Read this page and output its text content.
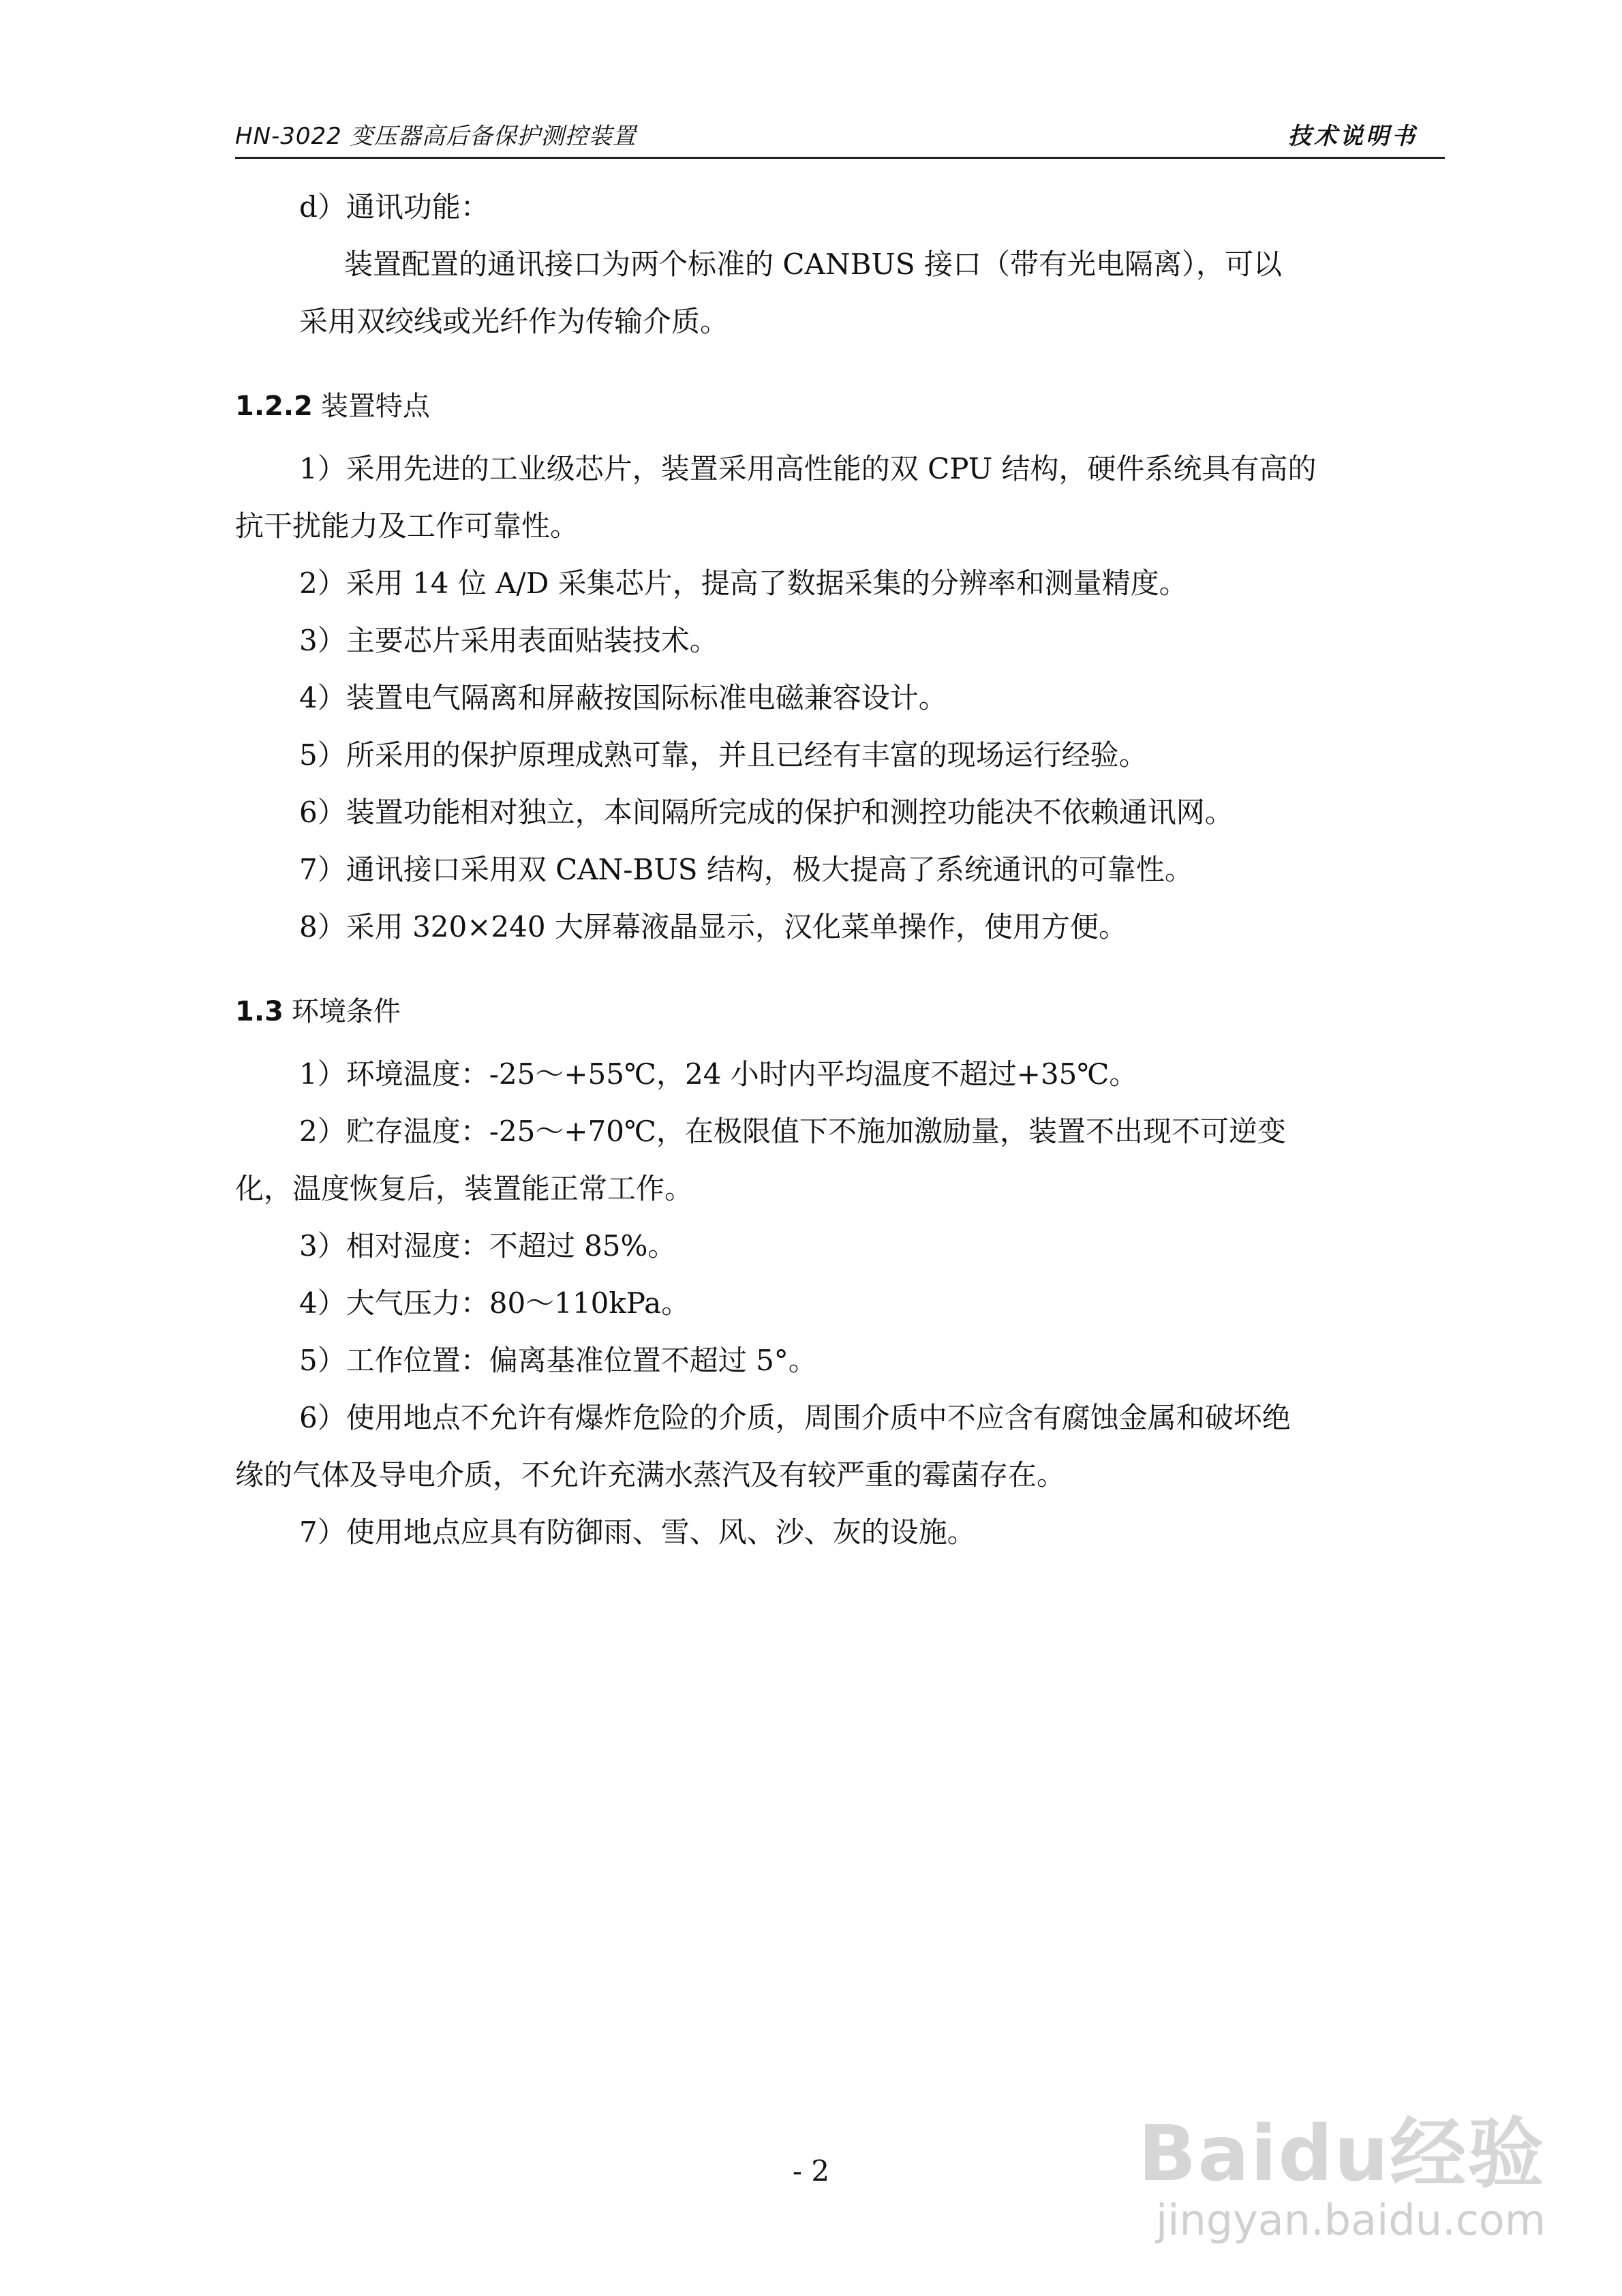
HN-3022 变压器高后备保护测控装置	技术说明书
d）通讯功能：
装置配置的通讯接口为两个标准的 CANBUS 接口（带有光电隔离），可以
采用双绞线或光纤作为传输介质。
1.2.2 装置特点
1）采用先进的工业级芯片，装置采用高性能的双 CPU 结构，硬件系统具有高的
抗干扰能力及工作可靠性。
2）采用 14 位 A/D 采集芯片，提高了数据采集的分辨率和测量精度。
3）主要芯片采用表面贴装技术。
4）装置电气隔离和屏蔽按国际标准电磁兼容设计。
5）所采用的保护原理成熟可靠，并且已经有丰富的现场运行经验。
6）装置功能相对独立，本间隔所完成的保护和测控功能决不依赖通讯网。
7）通讯接口采用双 CAN-BUS 结构，极大提高了系统通讯的可靠性。
8）采用 320×240 大屏幕液晶显示，汉化菜单操作，使用方便。
1.3 环境条件
1）环境温度：-25～+55℃，24 小时内平均温度不超过+35℃。
2）贮存温度：-25～+70℃，在极限值下不施加激励量，装置不出现不可逆变
化，温度恢复后，装置能正常工作。
3）相对湿度：不超过 85%。
4）大气压力：80～110kPa。
5）工作位置：偏离基准位置不超过 5°。
6）使用地点不允许有爆炸危险的介质，周围介质中不应含有腐蚀金属和破坏绝
缘的气体及导电介质，不允许充满水蒸汽及有较严重的霉菌存在。
7）使用地点应具有防御雨、雪、风、沙、灰的设施。
- 2	Baidu经验
jingyan.baidu.com
